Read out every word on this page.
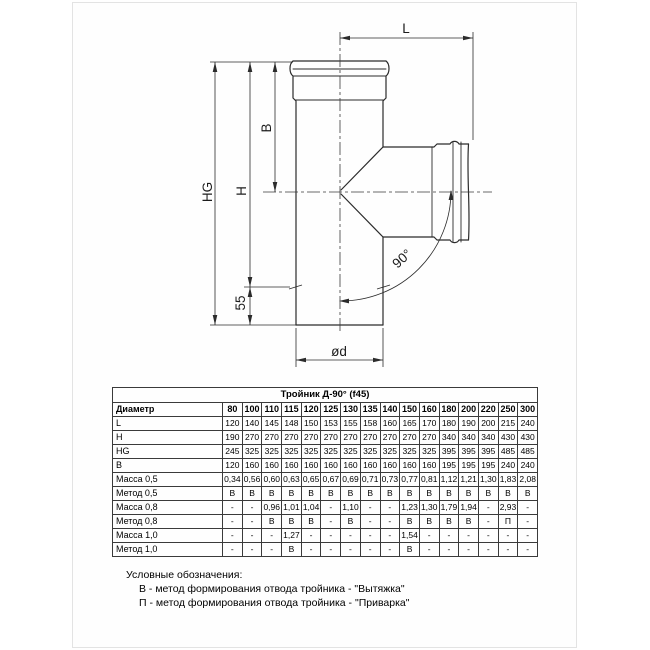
L
B
H
HG
55
ød
90°
Тройник Д-90° (f45)																
Диаметр	80	100	110	115	120	125	130	135	140	150	160	180	200	220	250	300
L	120	140	145	148	150	153	155	158	160	165	170	180	190	200	215	240
H	190	270	270	270	270	270	270	270	270	270	270	340	340	340	430	430
HG	245	325	325	325	325	325	325	325	325	325	325	395	395	395	485	485
B	120	160	160	160	160	160	160	160	160	160	160	195	195	195	240	240
Масса 0,5	0,34	0,56	0,60	0,63	0,65	0,67	0,69	0,71	0,73	0,77	0,81	1,12	1,21	1,30	1,83	2,08
Метод 0,5	В	В	В	В	В	В	В	В	В	В	В	В	В	В	В	В
Масса 0,8	-	-	0,96	1,01	1,04	-	1,10	-	-	1,23	1,30	1,79	1,94	-	2,93	-
Метод 0,8	-	-	В	В	В	-	В	-	-	В	В	В	В	-	П	-
Масса 1,0	-	-	-	1,27	-	-	-	-	-	1,54	-	-	-	-	-	-
Метод 1,0	-	-	-	В	-	-	-	-	-	В	-	-	-	-	-	-
Условные обозначения:
В - метод формирования отвода тройника - "Вытяжка"
П - метод формирования отвода тройника - "Приварка"
